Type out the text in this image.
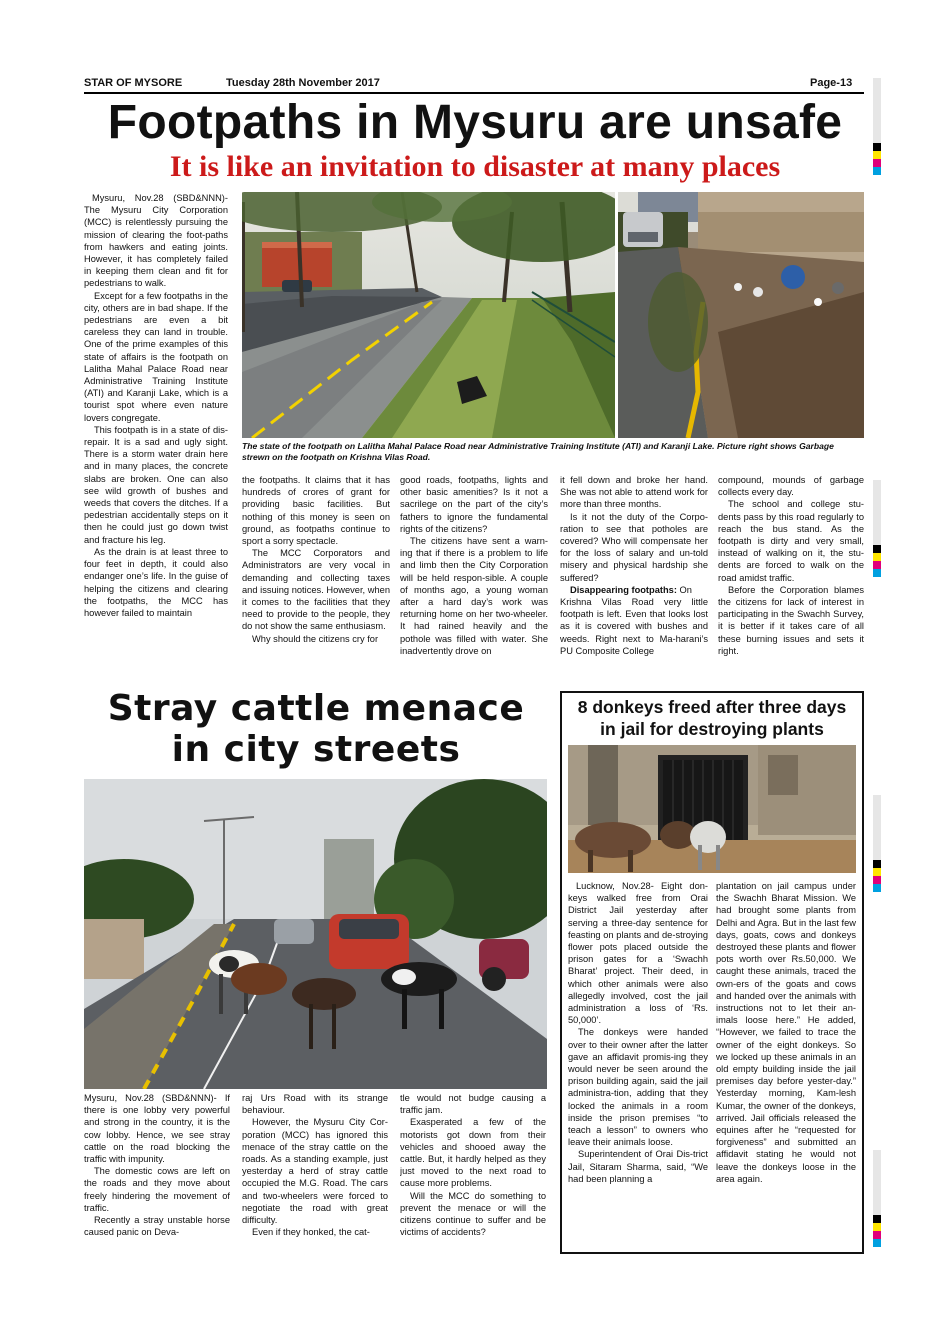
STAR OF MYSORE	Tuesday 28th November 2017	Page-13
Footpaths in Mysuru are unsafe
It is like an invitation to disaster at many places

Mysuru, Nov.28 (SBD&NNN)- The Mysuru City Corporation (MCC) is relentlessly pursuing the mission of clearing the foot-paths from hawkers and eating joints. However, it has completely failed in keeping them clean and fit for pedestrians to walk.

Except for a few footpaths in the city, others are in bad shape. If the pedestrians are even a bit careless they can land in trouble. One of the prime examples of this state of affairs is the footpath on Lalitha Mahal Palace Road near Administrative Training Institute (ATI) and Karanji Lake, which is a tourist spot where even nature lovers congregate.

This footpath is in a state of dis-repair. It is a sad and ugly sight. There is a storm water drain here and in many places, the concrete slabs are broken. One can also see wild growth of bushes and weeds that covers the ditches. If a pedestrian accidentally steps on it then he could just go down twist and fracture his leg.

As the drain is at least three to four feet in depth, it could also endanger one’s life. In the guise of helping the citizens and clearing the footpaths, the MCC has however failed to maintain

The state of the footpath on Lalitha Mahal Palace Road near Administrative Training Institute (ATI) and Karanji Lake. Picture right shows Garbage strewn on the footpath on Krishna Vilas Road.

the footpaths. It claims that it has hundreds of crores of grant for providing basic facilities. But nothing of this money is seen on ground, as footpaths continue to sport a sorry spectacle.

The MCC Corporators and Administrators are very vocal in demanding and collecting taxes and issuing notices. However, when it comes to the facilities that they need to provide to the people, they do not show the same enthusiasm.

Why should the citizens cry for

good roads, footpaths, lights and other basic amenities? Is it not a sacrilege on the part of the city’s fathers to ignore the fundamental rights of the citizens?

The citizens have sent a warn-ing that if there is a problem to life and limb then the City Corporation will be held respon-sible. A couple of months ago, a young woman after a hard day’s work was returning home on her two-wheeler. It had rained heavily and the pothole was filled with water. She inadvertently drove on

it fell down and broke her hand. She was not able to attend work for more than three months.

Is it not the duty of the Corpo-ration to see that potholes are covered? Who will compensate her for the loss of salary and un-told misery and physical hardship she suffered?

Disappearing footpaths: On

Krishna Vilas Road very little footpath is left. Even that looks lost as it is covered with bushes and weeds. Right next to Ma-harani’s PU Composite College

compound, mounds of garbage collects every day.

The school and college stu-dents pass by this road regularly to reach the bus stand. As the footpath is dirty and very small, instead of walking on it, the stu-dents are forced to walk on the road amidst traffic.

Before the Corporation blames the citizens for lack of interest in participating in the Swachh Survey, it is better if it takes care of all these burning issues and sets it right.

Stray cattle menace
in city streets

Mysuru, Nov.28 (SBD&NNN)- If there is one lobby very powerful and strong in the country, it is the cow lobby. Hence, we see stray cattle on the road blocking the traffic with impunity.

The domestic cows are left on the roads and they move about freely hindering the movement of traffic.

Recently a stray unstable horse caused panic on Deva-

raj Urs Road with its strange behaviour.

However, the Mysuru City Cor-poration (MCC) has ignored this menace of the stray cattle on the roads. As a standing example, just yesterday a herd of stray cattle occupied the M.G. Road. The cars and two-wheelers were forced to negotiate the road with great difficulty.

Even if they honked, the cat-

tle would not budge causing a traffic jam.

Exasperated a few of the motorists got down from their vehicles and shooed away the cattle. But, it hardly helped as they just moved to the next road to cause more problems.

Will the MCC do something to prevent the menace or will the citizens continue to suffer and be victims of accidents?

8 donkeys freed after three days
in jail for destroying plants

Lucknow, Nov.28- Eight don-keys walked free from Orai District Jail yesterday after serving a three-day sentence for feasting on plants and de-stroying flower pots placed outside the prison gates for a ‘Swachh Bharat’ project. Their deed, in which other animals were also allegedly involved, cost the jail administration a loss of ‘Rs. 50,000’.

The donkeys were handed over to their owner after the latter gave an affidavit promis-ing they would never be seen around the prison building again, said the jail administra-tion, adding that they locked the animals in a room inside the prison premises “to teach a lesson” to owners who leave their animals loose.

Superintendent of Orai Dis-trict Jail, Sitaram Sharma, said, “We had been planning a

plantation on jail campus under the Swachh Bharat Mission. We had brought some plants from Delhi and Agra. But in the last few days, goats, cows and donkeys destroyed these plants and flower pots worth over Rs.50,000. We caught these animals, traced the own-ers of the goats and cows and handed over the animals with instructions not to let their an-imals loose here.” He added, “However, we failed to trace the owner of the eight donkeys. So we locked up these animals in an old empty building inside the jail premises day before yester-day.” Yesterday morning, Kam-lesh Kumar, the owner of the donkeys, arrived. Jail officials released the equines after he “requested for forgiveness” and submitted an affidavit stating he would not leave the donkeys loose in the area again.
